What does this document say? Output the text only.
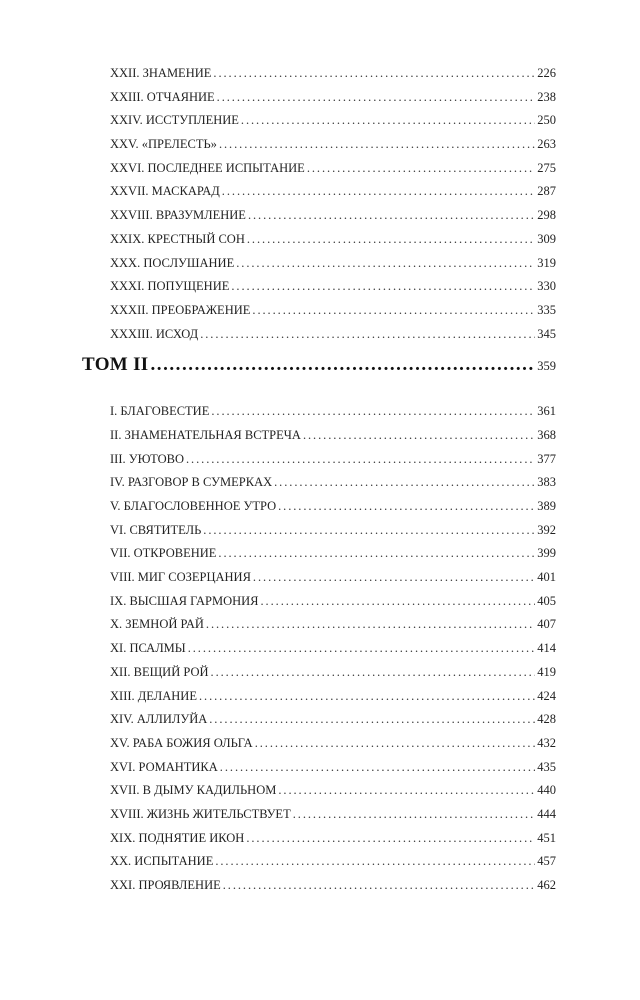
XXII. ЗНАМЕНИЕ . . .	226
XXIII. ОТЧАЯНИЕ . . .	238
XXIV. ИССТУПЛЕНИЕ . . .	250
XXV. «ПРЕЛЕСТЬ» . . .	263
XXVI. ПОСЛЕДНЕЕ ИСПЫТАНИЕ . . .	275
XXVII. МАСКАРАД . . .	287
XXVIII. ВРАЗУМЛЕНИЕ . . .	298
XXIX. КРЕСТНЫЙ СОН . . .	309
XXX. ПОСЛУШАНИЕ . . .	319
XXXI. ПОПУЩЕНИЕ . . .	330
XXXII. ПРЕОБРАЖЕНИЕ . . .	335
XXXIII. ИСХОД . . .	345
ТОМ II . . .	359
I. БЛАГОВЕСТИЕ . . .	361
II. ЗНАМЕНАТЕЛЬНАЯ ВСТРЕЧА . . .	368
III. УЮТОВО . . .	377
IV. РАЗГОВОР В СУМЕРКАХ . . .	383
V. БЛАГОСЛОВЕННОЕ УТРО . . .	389
VI. СВЯТИТЕЛЬ . . .	392
VII. ОТКРОВЕНИЕ . . .	399
VIII. МИГ СОЗЕРЦАНИЯ . . .	401
IX. ВЫСШАЯ ГАРМОНИЯ . . .	405
X. ЗЕМНОЙ РАЙ . . .	407
XI. ПСАЛМЫ . . .	414
XII. ВЕЩИЙ РОЙ . . .	419
XIII. ДЕЛАНИЕ . . .	424
XIV. АЛЛИЛУЙА . . .	428
XV. РАБА БОЖИЯ ОЛЬГА . . .	432
XVI. РОМАНТИКА . . .	435
XVII. В ДЫМУ КАДИЛЬНОМ . . .	440
XVIII. ЖИЗНЬ ЖИТЕЛЬСТВУЕТ . . .	444
XIX. ПОДНЯТИЕ ИКОН . . .	451
XX. ИСПЫТАНИЕ . . .	457
XXI. ПРОЯВЛЕНИЕ . . .	462
